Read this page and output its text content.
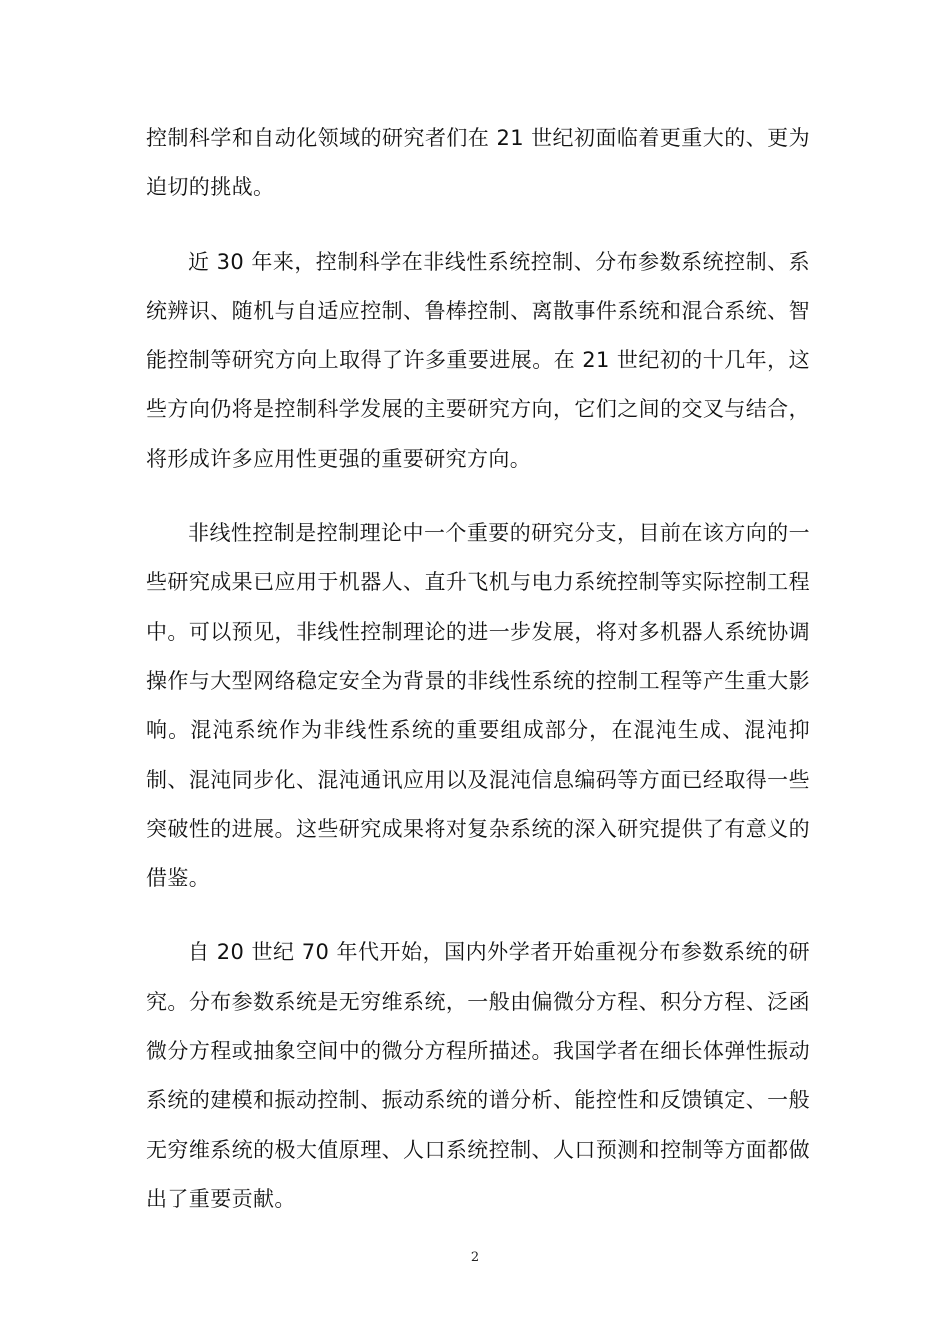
控制科学和自动化领域的研究者们在 21 世纪初面临着更重大的、更为迫切的挑战。

近 30 年来，控制科学在非线性系统控制、分布参数系统控制、系统辨识、随机与自适应控制、鲁棒控制、离散事件系统和混合系统、智能控制等研究方向上取得了许多重要进展。在 21 世纪初的十几年，这些方向仍将是控制科学发展的主要研究方向，它们之间的交叉与结合，将形成许多应用性更强的重要研究方向。

非线性控制是控制理论中一个重要的研究分支，目前在该方向的一些研究成果已应用于机器人、直升飞机与电力系统控制等实际控制工程中。可以预见，非线性控制理论的进一步发展，将对多机器人系统协调操作与大型网络稳定安全为背景的非线性系统的控制工程等产生重大影响。混沌系统作为非线性系统的重要组成部分，在混沌生成、混沌抑制、混沌同步化、混沌通讯应用以及混沌信息编码等方面已经取得一些突破性的进展。这些研究成果将对复杂系统的深入研究提供了有意义的借鉴。

自 20 世纪 70 年代开始，国内外学者开始重视分布参数系统的研究。分布参数系统是无穷维系统，一般由偏微分方程、积分方程、泛函微分方程或抽象空间中的微分方程所描述。我国学者在细长体弹性振动系统的建模和振动控制、振动系统的谱分析、能控性和反馈镇定、一般无穷维系统的极大值原理、人口系统控制、人口预测和控制等方面都做出了重要贡献。

2
